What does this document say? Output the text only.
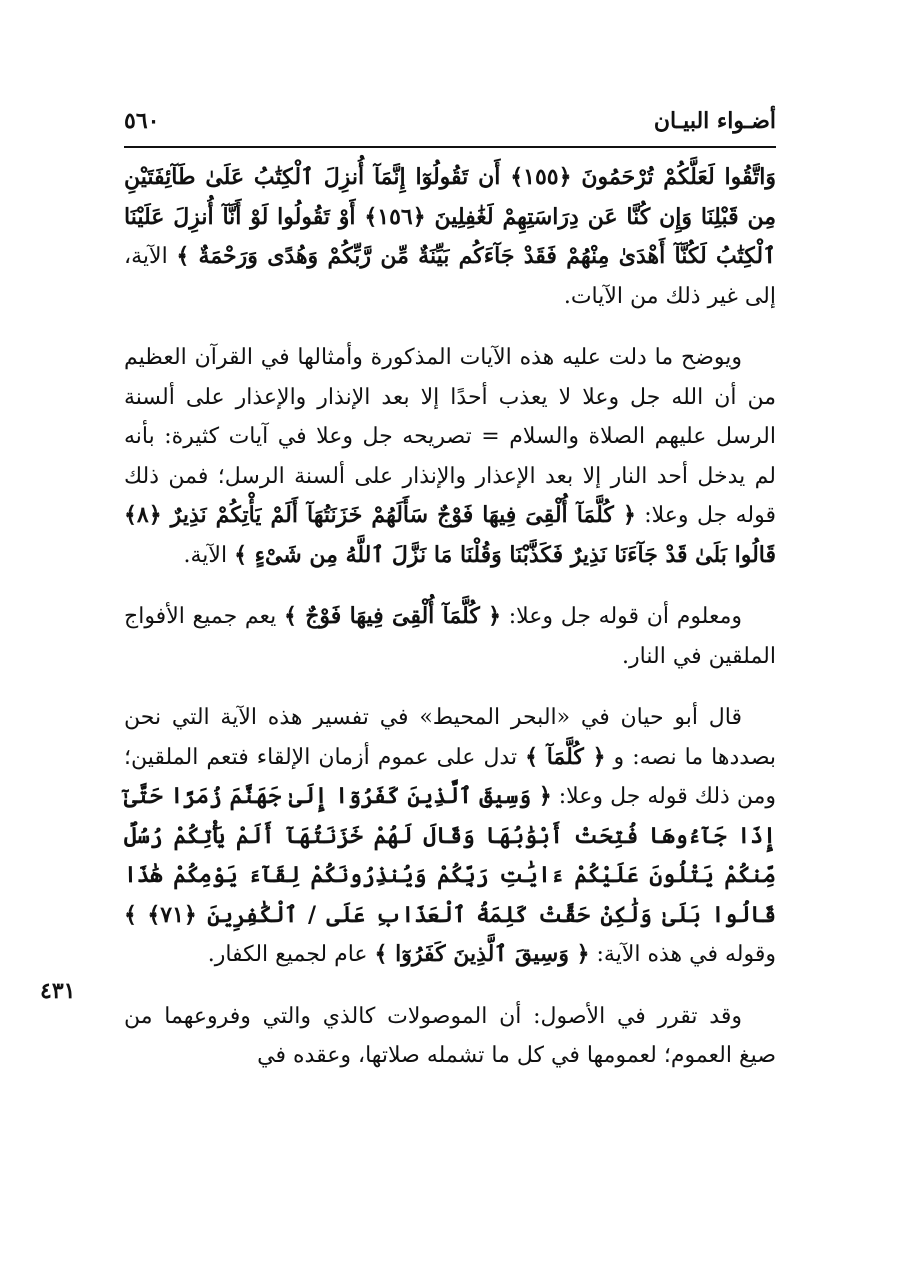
أضـواء البيـان
٥٦٠

وَاتَّقُوا لَعَلَّكُمْ تُرْحَمُونَ ﴿١٥٥﴾ أَن تَقُولُوٓا إِنَّمَآ أُنزِلَ ٱلْكِتَٰبُ عَلَىٰ طَآئِفَتَيْنِ مِن قَبْلِنَا وَإِن كُنَّا عَن دِرَاسَتِهِمْ لَغَٰفِلِينَ ﴿١٥٦﴾ أَوْ تَقُولُوا لَوْ أَنَّآ أُنزِلَ عَلَيْنَا ٱلْكِتَٰبُ لَكُنَّآ أَهْدَىٰ مِنْهُمْ فَقَدْ جَآءَكُم بَيِّنَةٌ مِّن رَّبِّكُمْ وَهُدًى وَرَحْمَةٌ ﴾ الآية، إلى غير ذلك من الآيات.

ويوضح ما دلت عليه هذه الآيات المذكورة وأمثالها في القرآن العظيم من أن الله جل وعلا لا يعذب أحدًا إلا بعد الإنذار والإعذار على ألسنة الرسل عليهم الصلاة والسلام = تصريحه جل وعلا في آيات كثيرة: بأنه لم يدخل أحد النار إلا بعد الإعذار والإنذار على ألسنة الرسل؛ فمن ذلك قوله جل وعلا: ﴿ كُلَّمَآ أُلْقِىَ فِيهَا فَوْجٌ سَأَلَهُمْ خَزَنَتُهَآ أَلَمْ يَأْتِكُمْ نَذِيرٌ ﴿٨﴾ قَالُوا بَلَىٰ قَدْ جَآءَنَا نَذِيرٌ فَكَذَّبْنَا وَقُلْنَا مَا نَزَّلَ ٱللَّهُ مِن شَىْءٍ ﴾ الآية.

ومعلوم أن قوله جل وعلا: ﴿ كُلَّمَآ أُلْقِىَ فِيهَا فَوْجٌ ﴾ يعم جميع الأفواج الملقين في النار.

قال أبو حيان في «البحر المحيط» في تفسير هذه الآية التي نحن بصددها ما نصه: و ﴿ كُلَّمَآ ﴾ تدل على عموم أزمان الإلقاء فتعم الملقين؛ ومن ذلك قوله جل وعلا: ﴿ وَسِيقَ ٱلَّذِينَ كَفَرُوٓا إِلَىٰ جَهَنَّمَ زُمَرًا حَتَّىٰٓ إِذَا جَآءُوهَا فُتِحَتْ أَبْوَٰبُهَا وَقَالَ لَهُمْ خَزَنَتُهَآ أَلَمْ يَأْتِكُمْ رُسُلٌ مِّنكُمْ يَتْلُونَ عَلَيْكُمْ ءَايَٰتِ رَبِّكُمْ وَيُنذِرُونَكُمْ لِقَآءَ يَوْمِكُمْ هَٰذَا قَالُوا بَلَىٰ وَلَٰكِنْ حَقَّتْ كَلِمَةُ ٱلْعَذَابِ عَلَى / ٱلْكَٰفِرِينَ ﴿٧١﴾ ﴾ وقوله في هذه الآية: ﴿ وَسِيقَ ٱلَّذِينَ كَفَرُوٓا ﴾ عام لجميع الكفار.

وقد تقرر في الأصول: أن الموصولات كالذي والتي وفروعهما من صيغ العموم؛ لعمومها في كل ما تشمله صلاتها، وعقده في

٤٣١
